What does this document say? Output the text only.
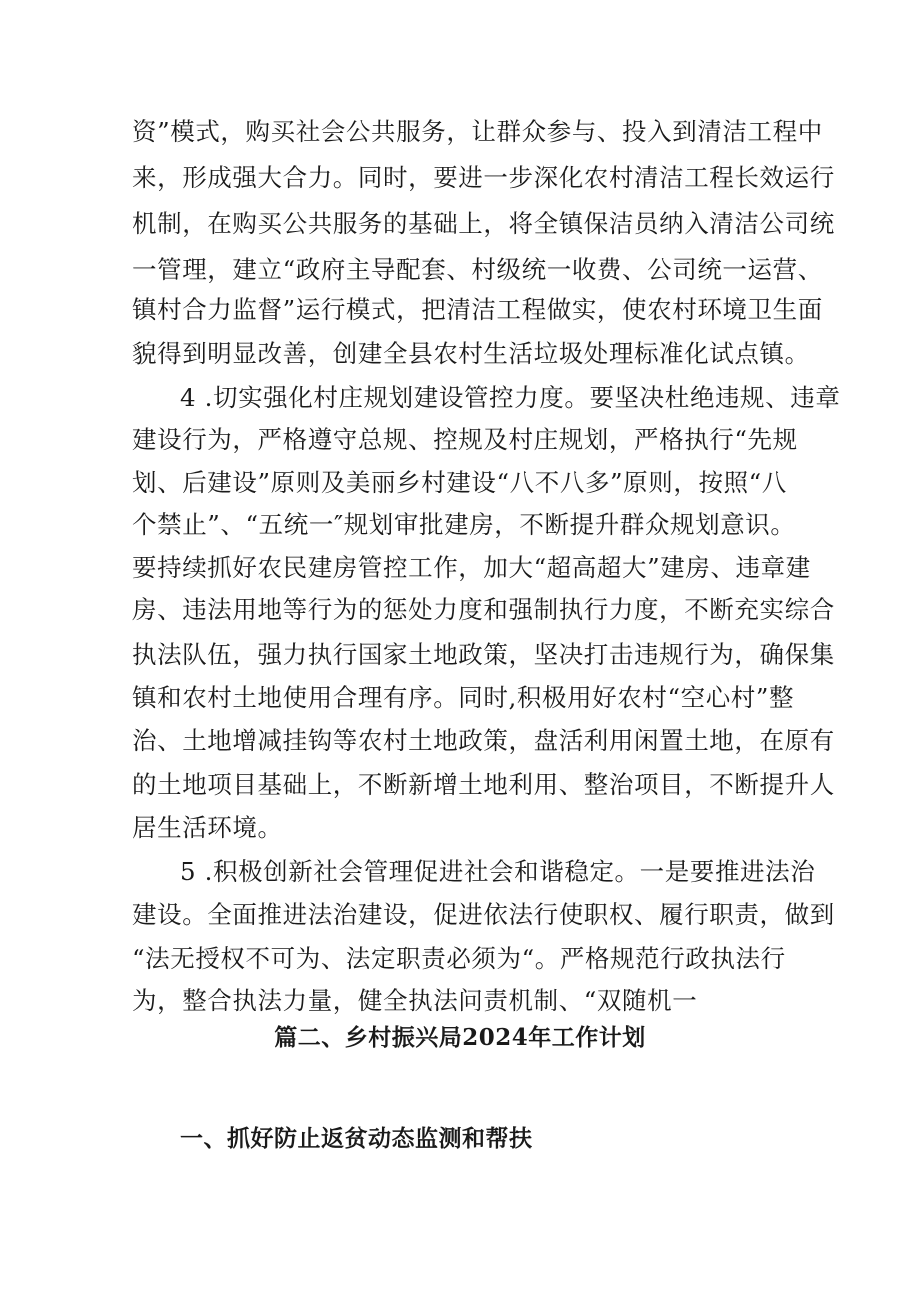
资”模式，购买社会公共服务，让群众参与、投入到清洁工程中
来，形成强大合力。同时，要进一步深化农村清洁工程长效运行
机制，在购买公共服务的基础上，将全镇保洁员纳入清洁公司统
一管理，建立“政府主导配套、村级统一收费、公司统一运营、
镇村合力监督”运行模式，把清洁工程做实，使农村环境卫生面
貌得到明显改善，创建全县农村生活垃圾处理标准化试点镇。
4 .切实强化村庄规划建设管控力度。要坚决杜绝违规、违章
建设行为，严格遵守总规、控规及村庄规划，严格执行“先规
划、后建设”原则及美丽乡村建设“八不八多”原则，按照“八
个禁止”、“五统一″规划审批建房，不断提升群众规划意识。
要持续抓好农民建房管控工作，加大“超高超大”建房、违章建
房、违法用地等行为的惩处力度和强制执行力度，不断充实综合
执法队伍，强力执行国家土地政策，坚决打击违规行为，确保集
镇和农村土地使用合理有序。同时,积极用好农村“空心村”整
治、土地增减挂钩等农村土地政策，盘活利用闲置土地，在原有
的土地项目基础上，不断新增土地利用、整治项目，不断提升人
居生活环境。
5 .积极创新社会管理促进社会和谐稳定。一是要推进法治
建设。全面推进法治建设，促进依法行使职权、履行职责，做到
“法无授权不可为、法定职责必须为“。严格规范行政执法行
为，整合执法力量，健全执法问责机制、“双随机一
篇二、乡村振兴局2024年工作计划
一、抓好防止返贫动态监测和帮扶
